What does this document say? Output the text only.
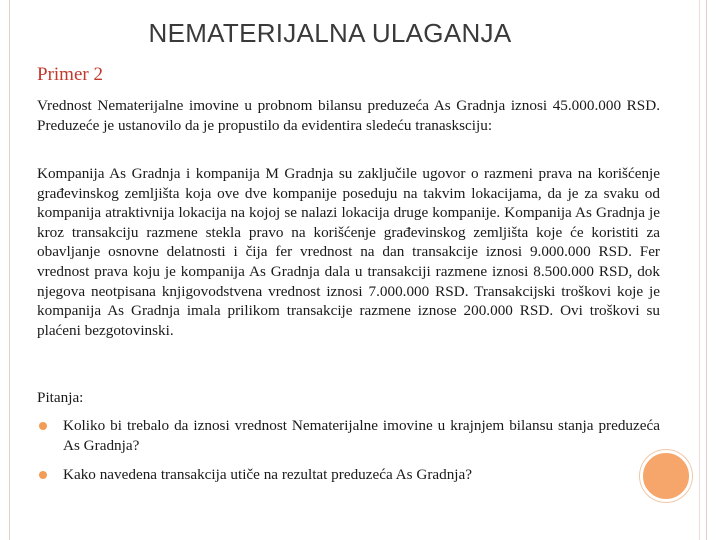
NEMATERIJALNA ULAGANJA
Primer 2

Vrednost Nematerijalne imovine u probnom bilansu preduzeća As Gradnja iznosi 45.000.000 RSD. Preduzeće je ustanovilo da je propustilo da evidentira sledeću tranasksciju:

Kompanija As Gradnja i kompanija M Gradnja su zaključile ugovor o razmeni prava na korišćenje građevinskog zemljišta koja ove dve kompanije poseduju na takvim lokacijama, da je za svaku od kompanija atraktivnija lokacija na kojoj se nalazi lokacija druge kompanije. Kompanija As Gradnja je kroz transakciju razmene stekla pravo na korišćenje građevinskog zemljišta koje će koristiti za obavljanje osnovne delatnosti i čija fer vrednost na dan transakcije iznosi 9.000.000 RSD. Fer vrednost prava koju je kompanija As Gradnja dala u transakciji razmene iznosi 8.500.000 RSD, dok njegova neotpisana knjigovodstvena vrednost iznosi 7.000.000 RSD. Transakcijski troškovi koje je kompanija As Gradnja imala prilikom transakcije razmene iznose 200.000 RSD. Ovi troškovi su plaćeni bezgotovinski.

Pitanja:

Koliko bi trebalo da iznosi vrednost Nematerijalne imovine u krajnjem bilansu stanja preduzeća As Gradnja?
Kako navedena transakcija utiče na rezultat preduzeća As Gradnja?
